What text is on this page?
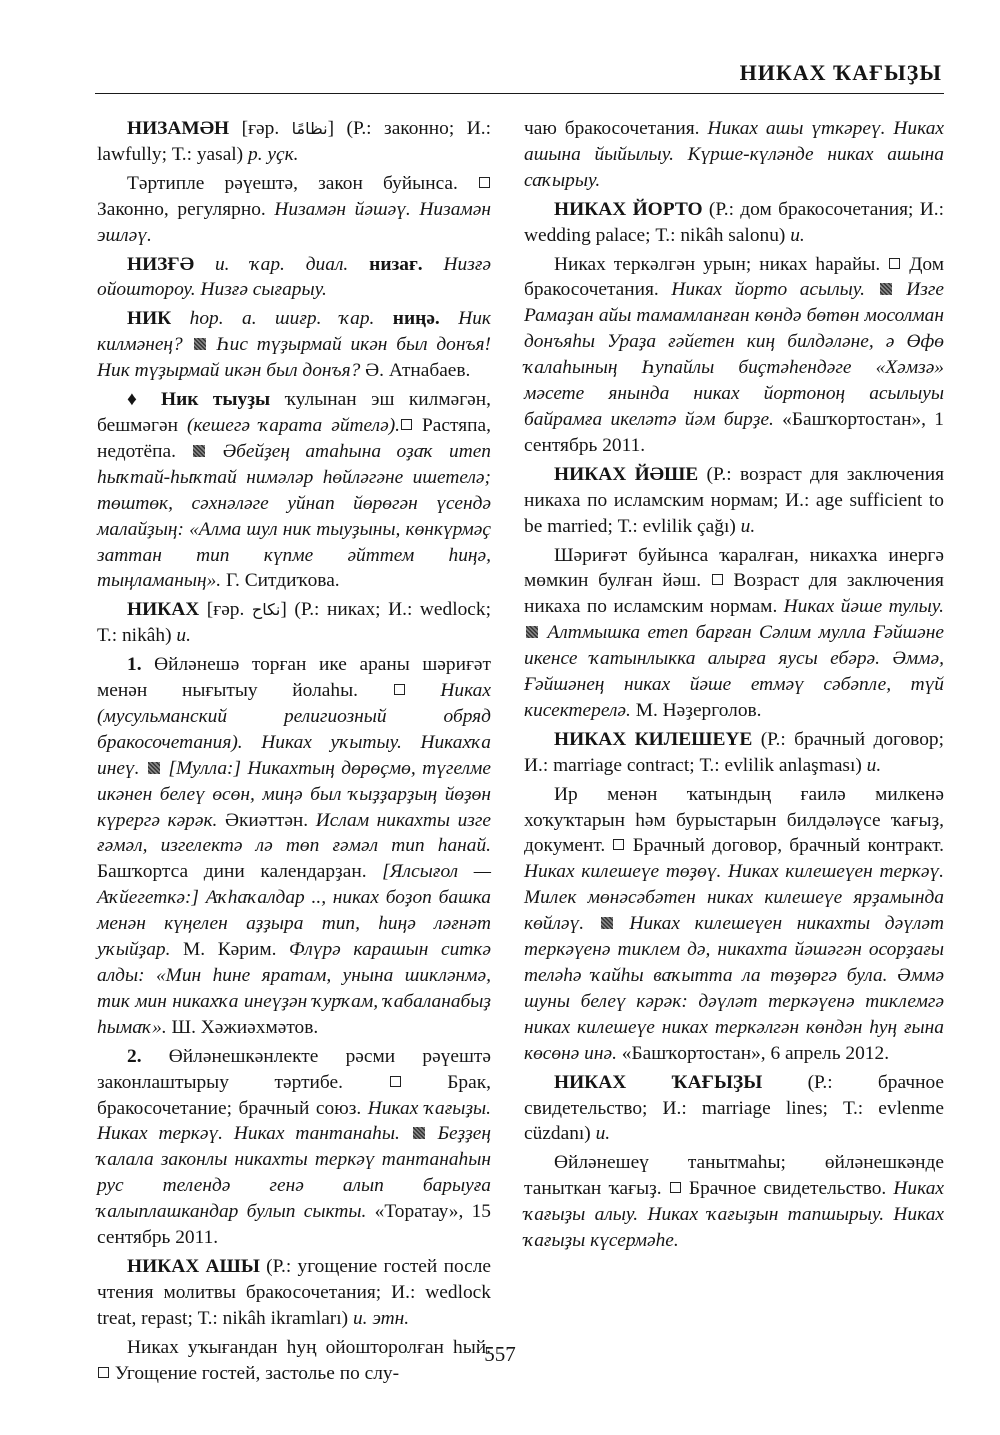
НИКАХ ҠАҒЫҘЫ

НИЗАМӘН [ғәр. نظامًا] (Р.: законно; И.: lawfully; Т.: yasal) р. уҫк.

Тәртипле рәүештә, закон буйынса.  Законно, регулярно. Низамән йәшәү. Низамән эшләү.

НИЗҒӘ и. ҡар. диал. низағ. Низғә ойоштороу. Низғә сығарыу.

НИК һор. а. шиғр. ҡар. ниңә. Ник килмәнең?  Һис түҙырмай икән был донъя! Ник түҙырмай икән был донъя? Ә. Атнабаев.

♦ Ник тыуҙы ҡулынан эш килмәгән, бешмәгән (кешегә ҡарата әйтелә). Растяпа, недотёпа.  Әбейҙең атаһына оҙаҡ итеп һыҡтай-һыҡтай нимәләр һөйләгәне ишетелә; төштөк, сәхнәләге уйнап йөрөгән үсендә малайҙың: «Алма шул ник тыуҙыны, көнкүрмәҫ заттан тип күпме әйттем һиңә, тыңламаның». Г. Ситдиҡова.

НИКАХ [ғәр. نكاح] (Р.: никах; И.: wedlock; Т.: nikâh) и.

1. Өйләнешә торған ике араны шәриғәт менән нығытыу йолаһы.  Никах (мусульманский религиозный обряд бракосочетания). Никах уҡытыу. Никахҡа инеү.  [Мулла:] Никахтың дөрөҫмө, түгелме икәнен белеү өсөн, миңә был ҡыҙҙарҙың йөҙөн күрергә кәрәк. Әкиәттән. Ислам никахты изге ғәмәл, изгелектә лә төп ғәмәл тип һанай. Башҡортса дини календарҙан. [Ялсығол — Аҡйегеткә:] Аҡһаҡалдар .., никах боҙоп башка менән күңелен аҙҙыра тип, һиңә ләғнәт уҡыйҙар. М. Кәрим. Флүрә карашын ситкә алды: «Мин һине яратам, унына шикләнмә, тик мин никахҡа инеүҙән ҡурҡам, ҡабаланабыҙ һымаҡ». Ш. Хәжиәхмәтов.

2. Өйләнешкәнлекте рәсми рәүештә законлаштырыу тәртибе.  Брак, бракосочетание; брачный союз. Никах ҡағыҙы. Никах теркәү. Никах тантанаһы.  Беҙҙең ҡалала законлы никахты теркәү тантанаһын рус телендә генә алып барыуға ҡалыплашкандар булып сыкты. «Торатау», 15 сентябрь 2011.

НИКАХ АШЫ (Р.: угощение гостей после чтения молитвы бракосочетания; И.: wedlock treat, repast; Т.: nikâh ikramları) и. этн.

Никах уҡығандан һуң ойошторолған һый.  Угощение гостей, застолье по слу-

чаю бракосочетания. Никах ашы үткәреү. Никах ашына йыйылыу. Күрше-күләнде никах ашына саҡырыу.

НИКАХ ЙОРТО (Р.: дом бракосочетания; И.: wedding palace; Т.: nikâh salonu) и.

Никах теркәлгән урын; никах һарайы.  Дом бракосочетания. Никах йорто асылыу.  Изге Рамаҙан айы тамамланған көндә бөтөн мосолман донъяһы Ураҙа ғәйетен киң билдәләне, ә Өфө ҡалаһының Һупайлы биҫтәһендәге «Хәмзә» мәсете янында никах йортоноң асылыуы байрамға икеләтә йәм бирҙе. «Башҡортостан», 1 сентябрь 2011.

НИКАХ ЙӘШЕ (Р.: возраст для заключения никаха по исламским нормам; И.: age sufficient to be married; Т.: evlilik çağı) и.

Шәриғәт буйынса ҡаралған, никахҡа инергә мөмкин булған йәш.  Возраст для заключения никаха по исламским нормам. Никах йәше тулыу.  Алтмышка етеп барған Сәлим мулла Ғәйшәне икенсе ҡатынлыкка алырға яусы ебәрә. Әммә, Ғәйшәнең никах йәше етмәү сәбәпле, түй кисектерелә. М. Нәҙерголов.

НИКАХ КИЛЕШЕҮЕ (Р.: брачный договор; И.: marriage contract; Т.: evlilik anlaşması) и.

Ир менән ҡатындың ғаилә милкенә хоҡуҡтарын һәм бурыстарын билдәләүсе ҡағыҙ, документ.  Брачный договор, брачный контракт. Никах килешеүе төҙөү. Никах килешеүен теркәү. Милек мөнәсәбәтен никах килешеүе ярҙамында көйләү.  Никах килешеүен никахты дәүләт теркәүенә тиклем дә, никахта йәшәгән осорҙағы теләһә ҡайһы ваҡытта ла төҙөргә була. Әммә шуны белеү кәрәк: дәүләт теркәүенә тиклемгә никах килешеүе никах теркәлгән көндән һуң ғына көсөнә инә. «Башҡортостан», 6 апрель 2012.

НИКАХ ҠАҒЫҘЫ (Р.: брачное свидетельство; И.: marriage lines; Т.: evlenme cüzdanı) и.

Өйләнешеү танытмаһы; өйләнешкәнде таныткан ҡағыҙ.  Брачное свидетельство. Никах ҡағыҙы алыу. Никах ҡағыҙын тапшырыу. Никах ҡағыҙы күсермәһе.

557
